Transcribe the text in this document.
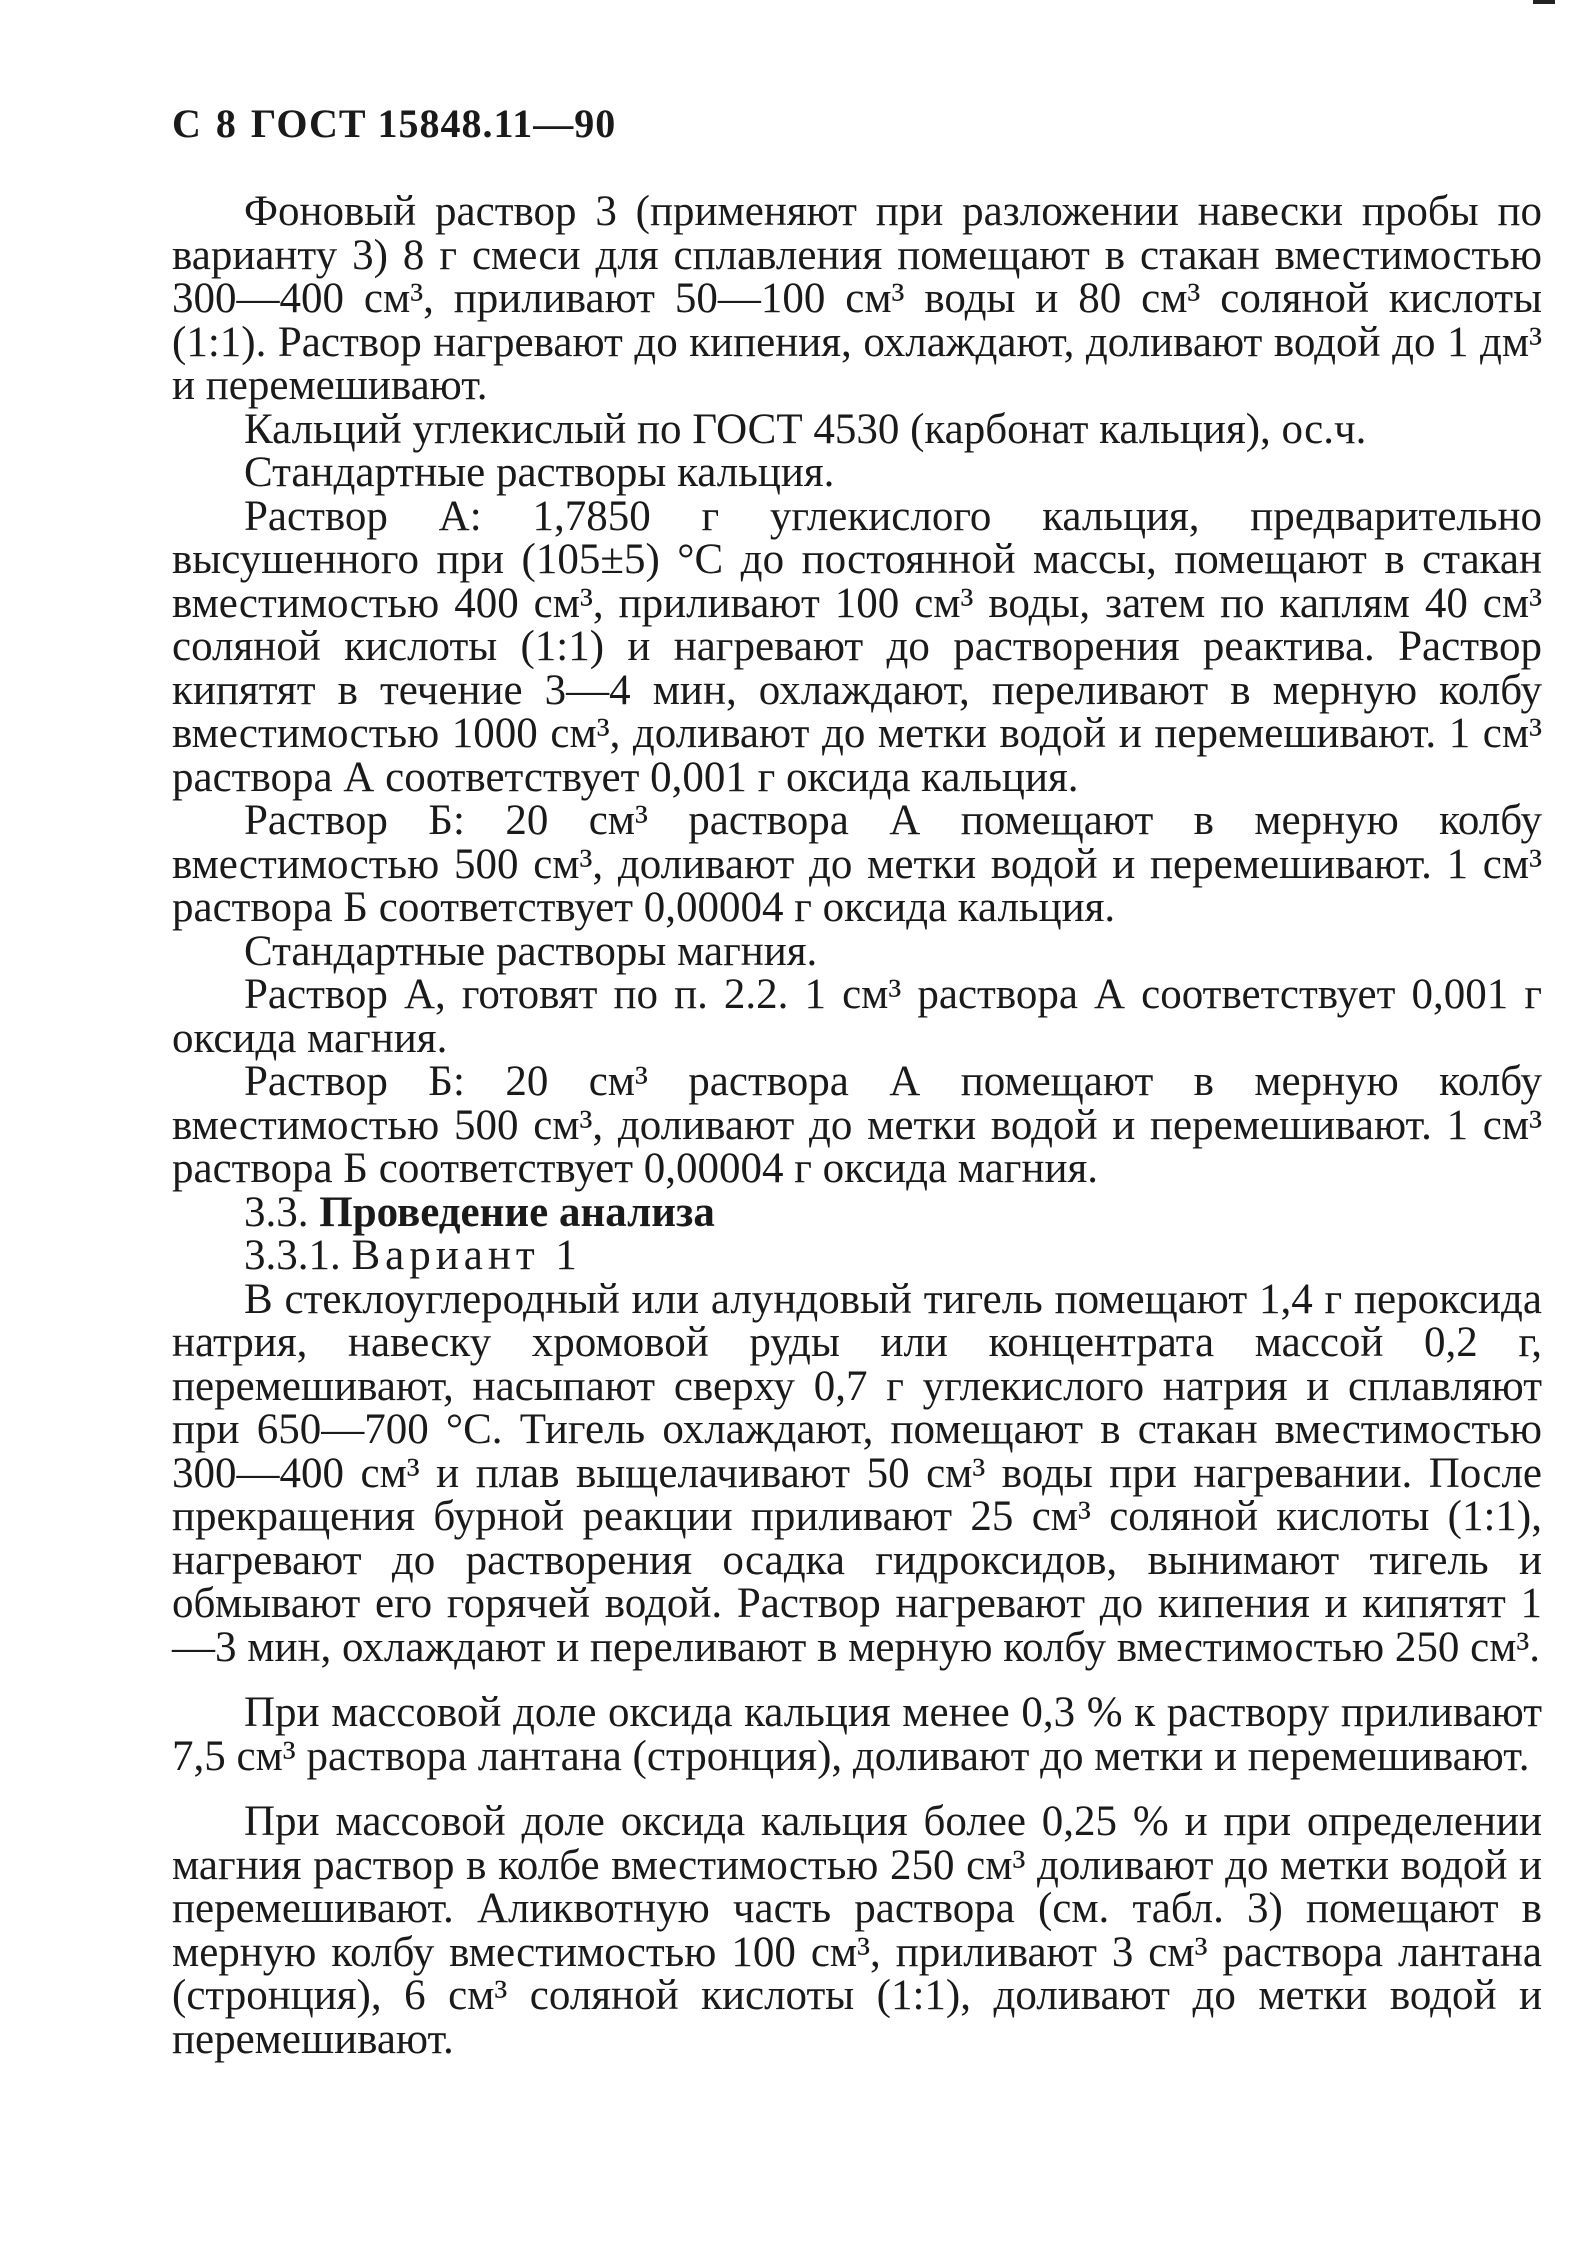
С 8 ГОСТ 15848.11—90

Фоновый раствор 3 (применяют при разложении навески пробы по варианту 3) 8 г смеси для сплавления помещают в стакан вместимостью 300—400 см³, приливают 50—100 см³ воды и 80 см³ соляной кислоты (1:1). Раствор нагревают до кипения, охлаждают, доливают водой до 1 дм³ и перемешивают.

Кальций углекислый по ГОСТ 4530 (карбонат кальция), ос.ч.

Стандартные растворы кальция.

Раствор А: 1,7850 г углекислого кальция, предварительно высушенного при (105±5) °С до постоянной массы, помещают в стакан вместимостью 400 см³, приливают 100 см³ воды, затем по каплям 40 см³ соляной кислоты (1:1) и нагревают до растворения реактива. Раствор кипятят в течение 3—4 мин, охлаждают, переливают в мерную колбу вместимостью 1000 см³, доливают до метки водой и перемешивают. 1 см³ раствора А соответствует 0,001 г оксида кальция.

Раствор Б: 20 см³ раствора А помещают в мерную колбу вместимостью 500 см³, доливают до метки водой и перемешивают. 1 см³ раствора Б соответствует 0,00004 г оксида кальция.

Стандартные растворы магния.

Раствор А, готовят по п. 2.2. 1 см³ раствора А соответствует 0,001 г оксида магния.

Раствор Б: 20 см³ раствора А помещают в мерную колбу вместимостью 500 см³, доливают до метки водой и перемешивают. 1 см³ раствора Б соответствует 0,00004 г оксида магния.

3.3. Проведение анализа

3.3.1. Вариант 1

В стеклоуглеродный или алундовый тигель помещают 1,4 г пероксида натрия, навеску хромовой руды или концентрата массой 0,2 г, перемешивают, насыпают сверху 0,7 г углекислого натрия и сплавляют при 650—700 °С. Тигель охлаждают, помещают в стакан вместимостью 300—400 см³ и плав выщелачивают 50 см³ воды при нагревании. После прекращения бурной реакции приливают 25 см³ соляной кислоты (1:1), нагревают до растворения осадка гидроксидов, вынимают тигель и обмывают его горячей водой. Раствор нагревают до кипения и кипятят 1—3 мин, охлаждают и переливают в мерную колбу вместимостью 250 см³.

При массовой доле оксида кальция менее 0,3 % к раствору приливают 7,5 см³ раствора лантана (стронция), доливают до метки и перемешивают.

При массовой доле оксида кальция более 0,25 % и при определении магния раствор в колбе вместимостью 250 см³ доливают до метки водой и перемешивают. Аликвотную часть раствора (см. табл. 3) помещают в мерную колбу вместимостью 100 см³, приливают 3 см³ раствора лантана (стронция), 6 см³ соляной кислоты (1:1), доливают до метки водой и перемешивают.
